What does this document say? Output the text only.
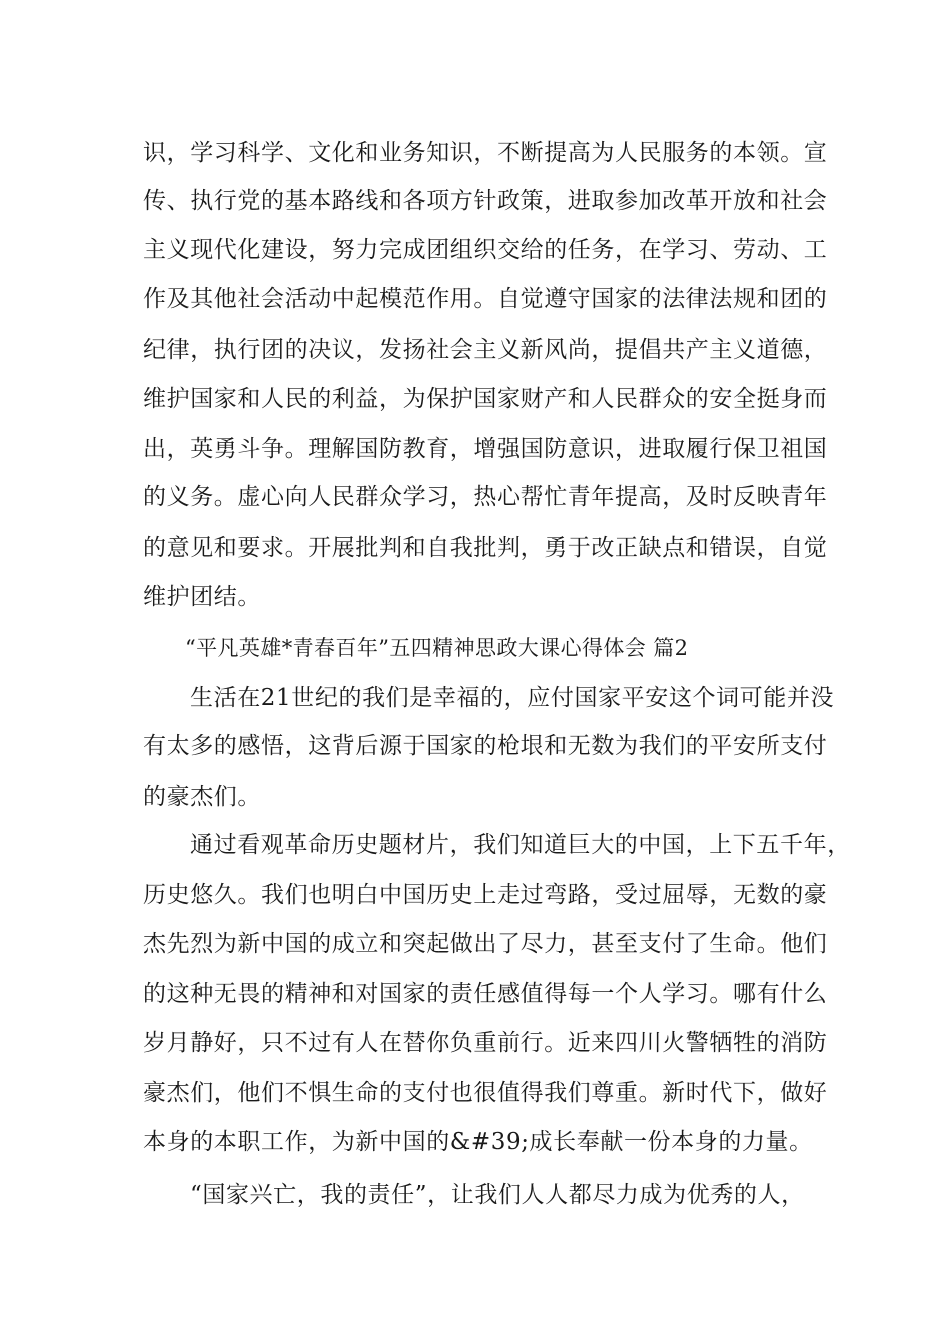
识，学习科学、文化和业务知识，不断提高为人民服务的本领。宣
传、执行党的基本路线和各项方针政策，进取参加改革开放和社会
主义现代化建设，努力完成团组织交给的任务，在学习、劳动、工
作及其他社会活动中起模范作用。自觉遵守国家的法律法规和团的
纪律，执行团的决议，发扬社会主义新风尚，提倡共产主义道德，
维护国家和人民的利益，为保护国家财产和人民群众的安全挺身而
出，英勇斗争。理解国防教育，增强国防意识，进取履行保卫祖国
的义务。虚心向人民群众学习，热心帮忙青年提高，及时反映青年
的意见和要求。开展批判和自我批判，勇于改正缺点和错误，自觉
维护团结。
“平凡英雄*青春百年”五四精神思政大课心得体会 篇2
生活在21世纪的我们是幸福的，应付国家平安这个词可能并没
有太多的感悟，这背后源于国家的枪垠和无数为我们的平安所支付
的豪杰们。
通过看观革命历史题材片，我们知道巨大的中国，上下五千年，
历史悠久。我们也明白中国历史上走过弯路，受过屈辱，无数的豪
杰先烈为新中国的成立和突起做出了尽力，甚至支付了生命。他们
的这种无畏的精神和对国家的责任感值得每一个人学习。哪有什么
岁月静好，只不过有人在替你负重前行。近来四川火警牺牲的消防
豪杰们，他们不惧生命的支付也很值得我们尊重。新时代下，做好
本身的本职工作，为新中国的&#39;成长奉献一份本身的力量。
“国家兴亡，我的责任”，让我们人人都尽力成为优秀的人，
